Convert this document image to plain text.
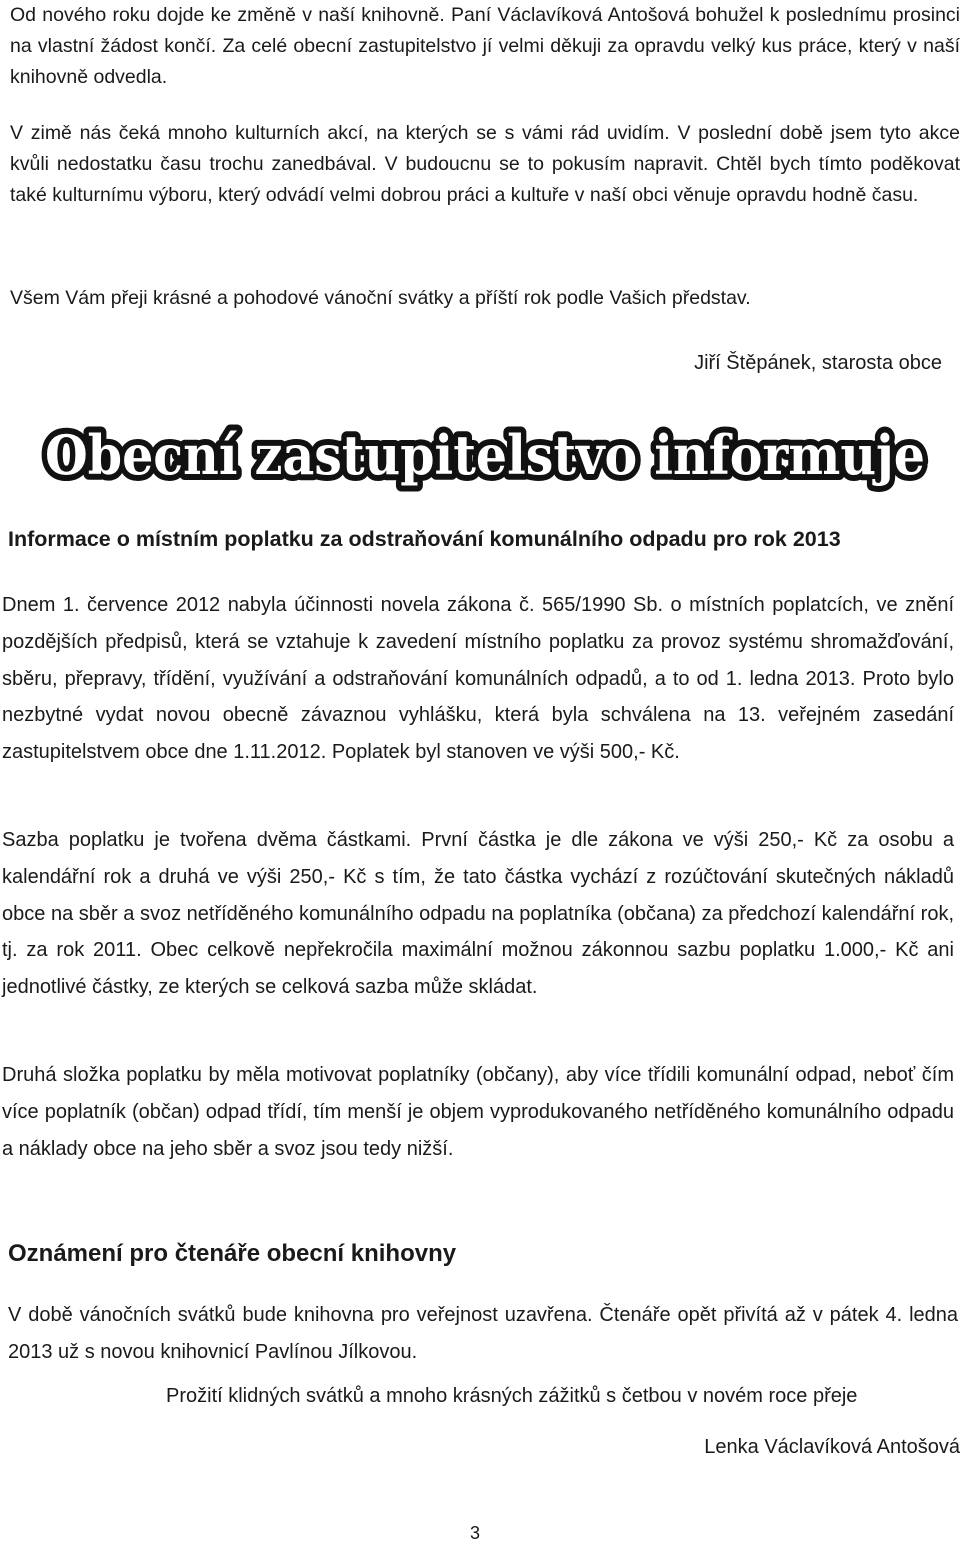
Od nového roku dojde ke změně v naší knihovně. Paní Václavíková Antošová bohužel k poslednímu prosinci na vlastní žádost končí. Za celé obecní zastupitelstvo jí velmi děkuji za opravdu velký kus práce, který v naší knihovně odvedla.

V zimě nás čeká mnoho kulturních akcí, na kterých se s vámi rád uvidím. V poslední době jsem tyto akce kvůli nedostatku času trochu zanedbával. V budoucnu se to pokusím napravit. Chtěl bych tímto poděkovat také kulturnímu výboru, který odvádí velmi dobrou práci a kultuře v naší obci věnuje opravdu hodně času.

Všem Vám přeji krásné a pohodové vánoční svátky a příští rok podle Vašich představ.

Jiří Štěpánek, starosta obce
Obecní zastupitelstvo informuje
Informace o místním poplatku za odstraňování komunálního odpadu pro rok 2013

Dnem 1. července 2012 nabyla účinnosti novela zákona č. 565/1990 Sb. o místních poplatcích, ve znění pozdějších předpisů, která se vztahuje k zavedení místního poplatku za provoz systému shromažďování, sběru, přepravy, třídění, využívání a odstraňování komunálních odpadů, a to od 1. ledna 2013. Proto bylo nezbytné vydat novou obecně závaznou vyhlášku, která byla schválena na 13. veřejném zasedání zastupitelstvem obce dne 1.11.2012. Poplatek byl stanoven ve výši 500,- Kč.

Sazba poplatku je tvořena dvěma částkami. První částka je dle zákona ve výši 250,- Kč za osobu a kalendářní rok a druhá ve výši 250,- Kč s tím, že tato částka vychází z rozúčtování skutečných nákladů obce na sběr a svoz netříděného komunálního odpadu na poplatníka (občana) za předchozí kalendářní rok, tj. za rok 2011. Obec celkově nepřekročila maximální možnou zákonnou sazbu poplatku 1.000,- Kč ani jednotlivé částky, ze kterých se celková sazba může skládat.

Druhá složka poplatku by měla motivovat poplatníky (občany), aby více třídili komunální odpad, neboť čím více poplatník (občan) odpad třídí, tím menší je objem vyprodukovaného netříděného komunálního odpadu a náklady obce na jeho sběr a svoz jsou tedy nižší.

Oznámení pro čtenáře obecní knihovny

V době vánočních svátků bude knihovna pro veřejnost uzavřena. Čtenáře opět přivítá až v pátek 4. ledna 2013 už s novou knihovnicí Pavlínou Jílkovou.

Prožití klidných svátků a mnoho krásných zážitků s četbou v novém roce přeje
Lenka Václavíková Antošová
3
